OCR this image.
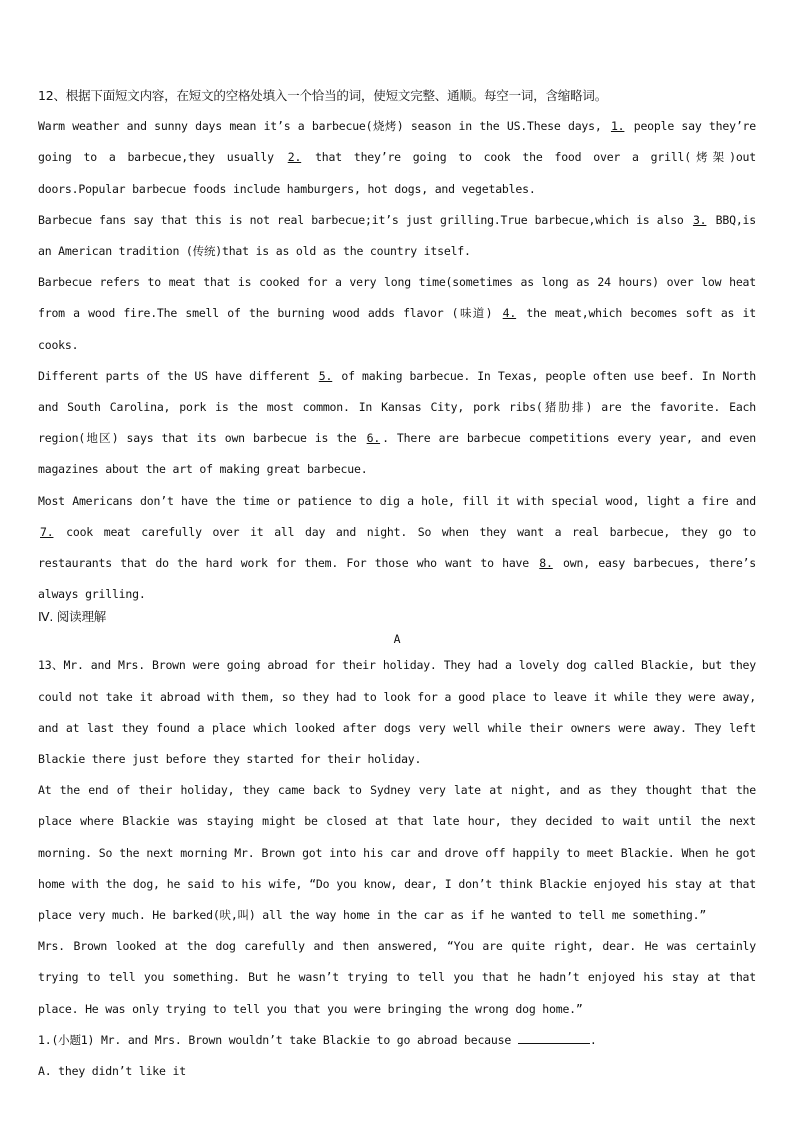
12、根据下面短文内容，在短文的空格处填入一个恰当的词，使短文完整、通顺。每空一词，含缩略词。

Warm weather and sunny days mean it’s a barbecue(烧烤) season in the US.These days, 1. people say they’re going to a barbecue,they usually 2. that they’re going to cook the food over a grill(烤架)out doors.Popular barbecue foods include hamburgers, hot dogs, and vegetables.

Barbecue fans say that this is not real barbecue;it’s just grilling.True barbecue,which is also 3. BBQ,is an American tradition (传统)that is as old as the country itself.

Barbecue refers to meat that is cooked for a very long time(sometimes as long as 24 hours) over low heat from a wood fire.The smell of the burning wood adds flavor (味道) 4. the meat,which becomes soft as it cooks.

Different parts of the US have different 5. of making barbecue. In Texas, people often use beef. In North and South Carolina, pork is the most common. In Kansas City, pork ribs(猪肋排) are the favorite. Each region(地区) says that its own barbecue is the 6. . There are barbecue competitions every year, and even magazines about the art of making great barbecue.

Most Americans don’t have the time or patience to dig a hole, fill it with special wood, light a fire and 7. cook meat carefully over it all day and night. So when they want a real barbecue, they go to restaurants that do the hard work for them. For those who want to have 8. own, easy barbecues, there’s always grilling.

Ⅳ. 阅读理解

A

13、Mr. and Mrs. Brown were going abroad for their holiday. They had a lovely dog called Blackie, but they could not take it abroad with them, so they had to look for a good place to leave it while they were away, and at last they found a place which looked after dogs very well while their owners were away. They left Blackie there just before they started for their holiday.

At the end of their holiday, they came back to Sydney very late at night, and as they thought that the place where Blackie was staying might be closed at that late hour, they decided to wait until the next morning. So the next morning Mr. Brown got into his car and drove off happily to meet Blackie. When he got home with the dog, he said to his wife, “Do you know, dear, I don’t think Blackie enjoyed his stay at that place very much. He barked(吠,叫) all the way home in the car as if he wanted to tell me something.”

Mrs. Brown looked at the dog carefully and then answered, “You are quite right, dear. He was certainly trying to tell you something. But he wasn’t trying to tell you that he hadn’t enjoyed his stay at that place. He was only trying to tell you that you were bringing the wrong dog home.”

1.(小题1) Mr. and Mrs. Brown wouldn’t take Blackie to go abroad because	.

A. they didn’t like it
